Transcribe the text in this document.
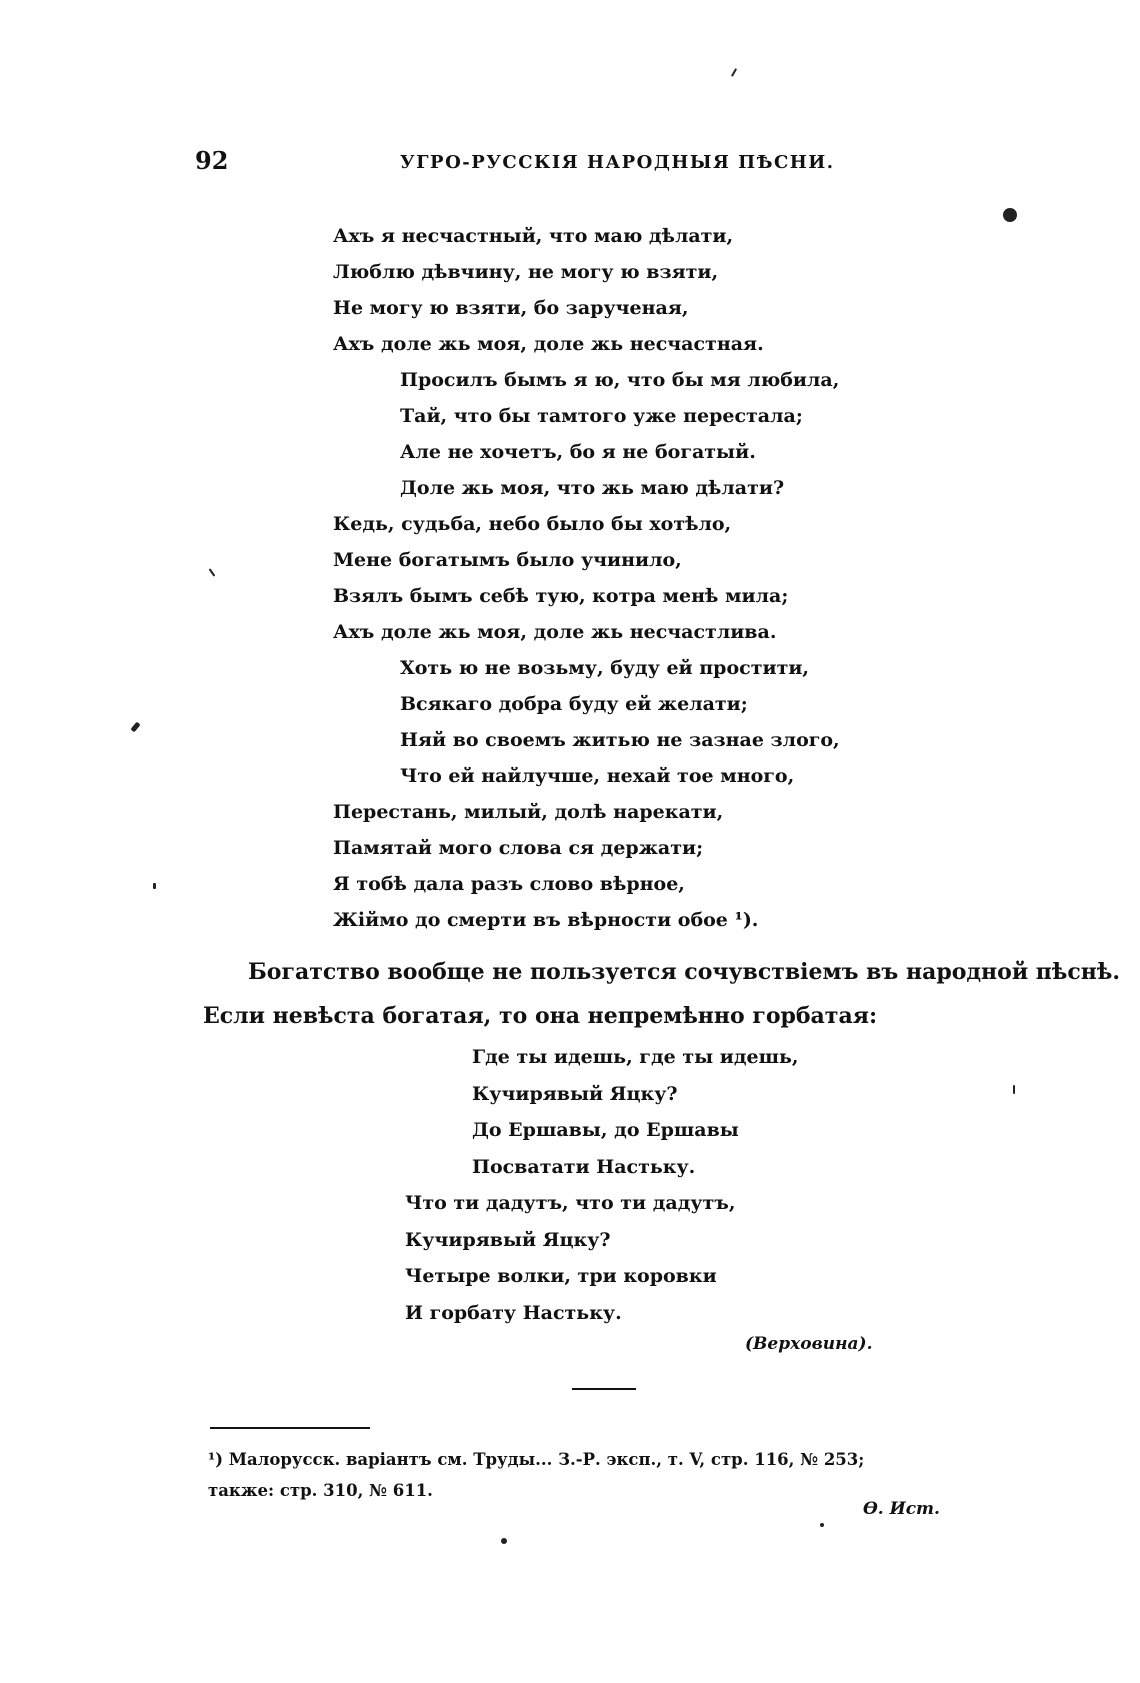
92	УГРО-РУССКІЯ НАРОДНЫЯ ПѢСНИ.
Ахъ я несчастный, что маю дѣлати,
Люблю дѣвчину, не могу ю взяти,
Не могу ю взяти, бо зарученая,
Ахъ доле жь моя, доле жь несчастная.
Просилъ бымъ я ю, что бы мя любила,
Тай, что бы тамтого уже перестала;
Але не хочетъ, бо я не богатый.
Доле жь моя, что жь маю дѣлати?
Кедь, судьба, небо было бы хотѣло,
Мене богатымъ было учинило,
Взялъ бымъ себѣ тую, котра менѣ мила;
Ахъ доле жь моя, доле жь несчастлива.
Хоть ю не возьму, буду ей простити,
Всякаго добра буду ей желати;
Няй во своемъ житью не зазнае злого,
Что ей найлучше, нехай тое много,
Перестань, милый, долѣ нарекати,
Памятай мого слова ся держати;
Я тобѣ дала разъ слово вѣрное,
Жіймо до смерти въ вѣрности обое ¹).
Богатство вообще не пользуется сочувствіемъ въ народной пѣснѣ.
Если невѣста богатая, то она непремѣнно горбатая:
Где ты идешь, где ты идешь,
Кучирявый Яцку?
До Ершавы, до Ершавы
Посватати Настьку.
Что ти дадутъ, что ти дадутъ,
Кучирявый Яцку?
Четыре волки, три коровки
И горбату Настьку.
(Верховина).
¹) Малорусск. варіантъ см. Труды... З.-Р. эксп., т. V, стр. 116, № 253;
также: стр. 310, № 611.
Ѳ. Ист.
